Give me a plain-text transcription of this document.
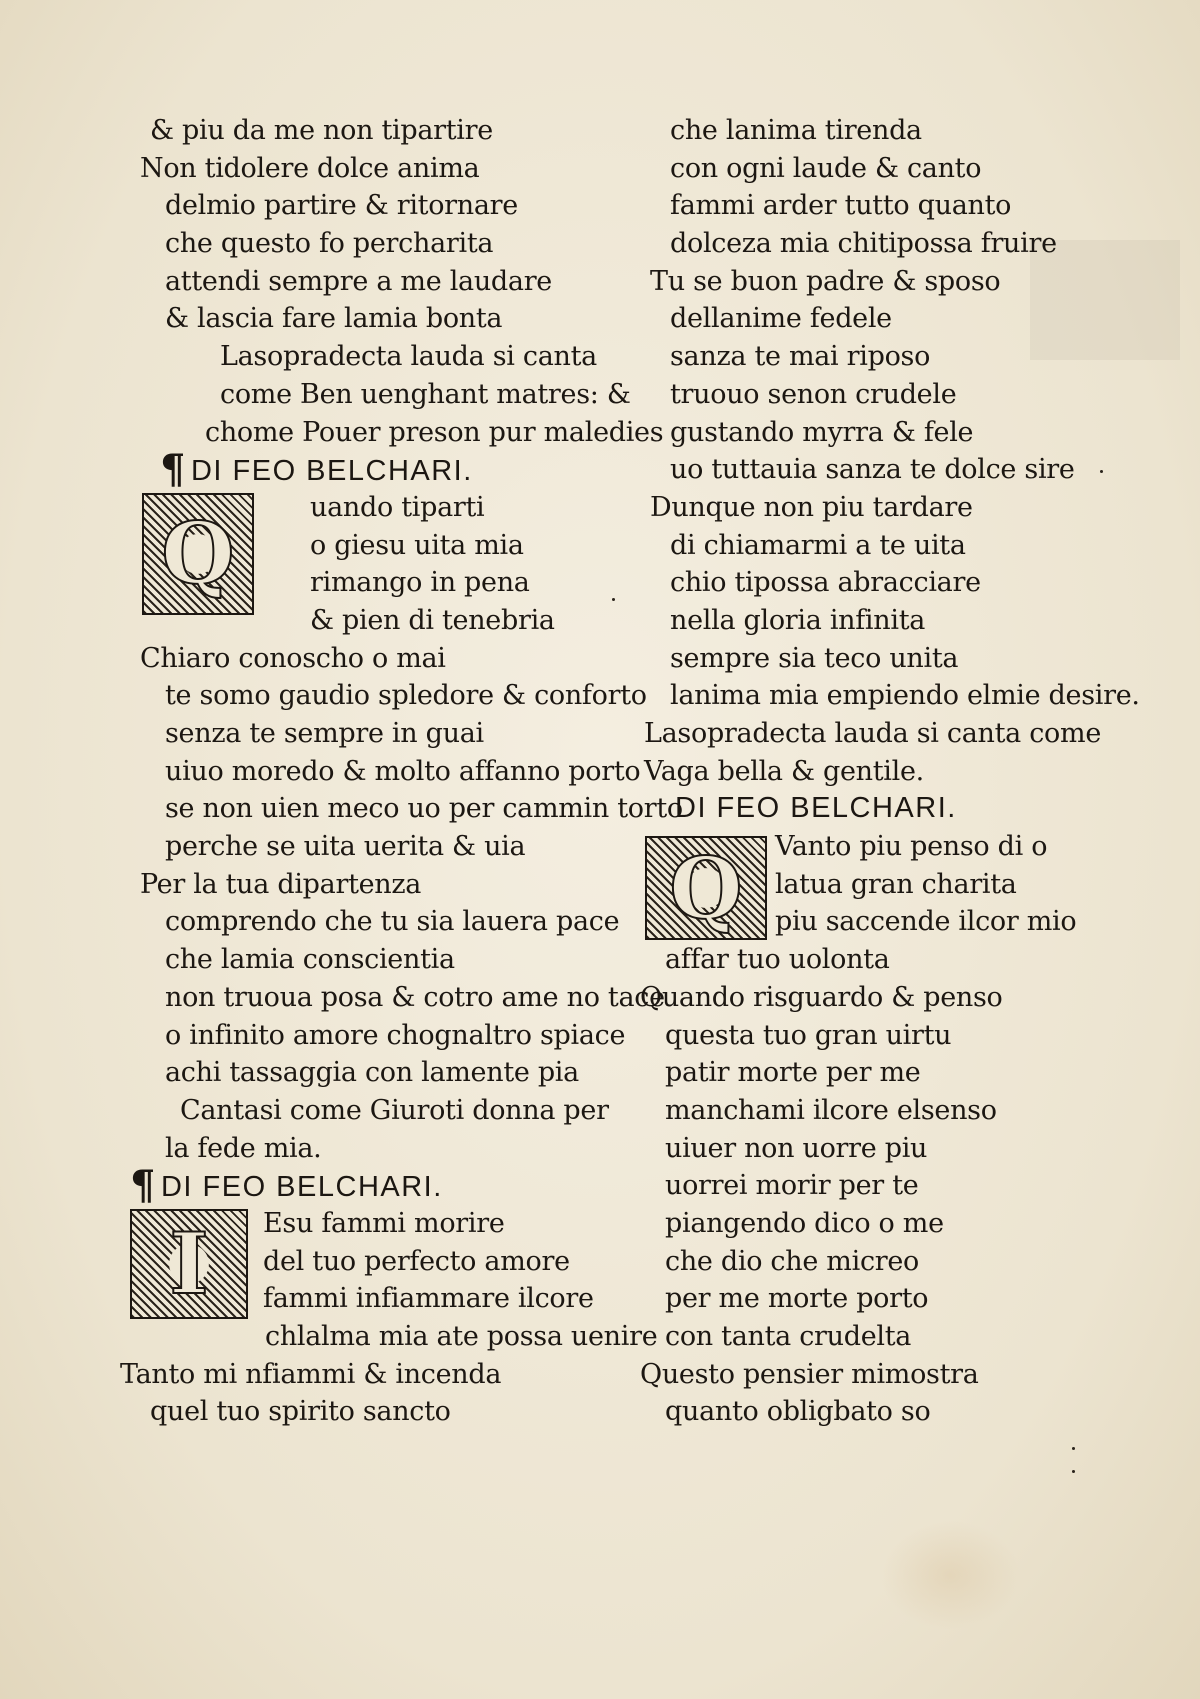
& piu da me non tipartire
Non tidolere dolce anima
delmio partire & ritornare
che questo fo percharita
attendi sempre a me laudare
& lascia fare lamia bonta
Lasopradecta lauda si canta
come Ben uenghant matres: &
chome Pouer preson pur maledies
¶ DI FEO BELCHARI.
Q	uando tiparti
o giesu uita mia
rimango in pena
& pien di tenebria
Chiaro conoscho o mai
te somo gaudio spledore & conforto
senza te sempre in guai
uiuo moredo & molto affanno porto
se non uien meco uo per cammin torto
perche se uita uerita & uia
Per la tua dipartenza
comprendo che tu sia lauera pace
che lamia conscientia
non truoua posa & cotro ame no tace
o infinito amore chognaltro spiace
achi tassaggia con lamente pia
Cantasi come Giuroti donna per
la fede mia.
¶ DI FEO BELCHARI.
I	Esu fammi morire
del tuo perfecto amore
fammi infiammare ilcore
chlalma mia ate possa uenire
Tanto mi nfiammi & incenda
quel tuo spirito sancto
che lanima tirenda
con ogni laude & canto
fammi arder tutto quanto
dolceza mia chitipossa fruire
Tu se buon padre & sposo
dellanime fedele
sanza te mai riposo
truouo senon crudele
gustando myrra & fele
uo tuttauia sanza te dolce sire
Dunque non piu tardare
di chiamarmi a te uita
chio tipossa abracciare
nella gloria infinita
sempre sia teco unita
lanima mia empiendo elmie desire.
Lasopradecta lauda si canta come
Vaga bella & gentile.
DI FEO BELCHARI.
Q	Vanto piu penso di o
latua gran charita
piu saccende ilcor mio
affar tuo uolonta
Quando risguardo & penso
questa tuo gran uirtu
patir morte per me
manchami ilcore elsenso
uiuer non uorre piu
uorrei morir per te
piangendo dico o me
che dio che micreo
per me morte porto
con tanta crudelta
Questo pensier mimostra
quanto obligbato so
